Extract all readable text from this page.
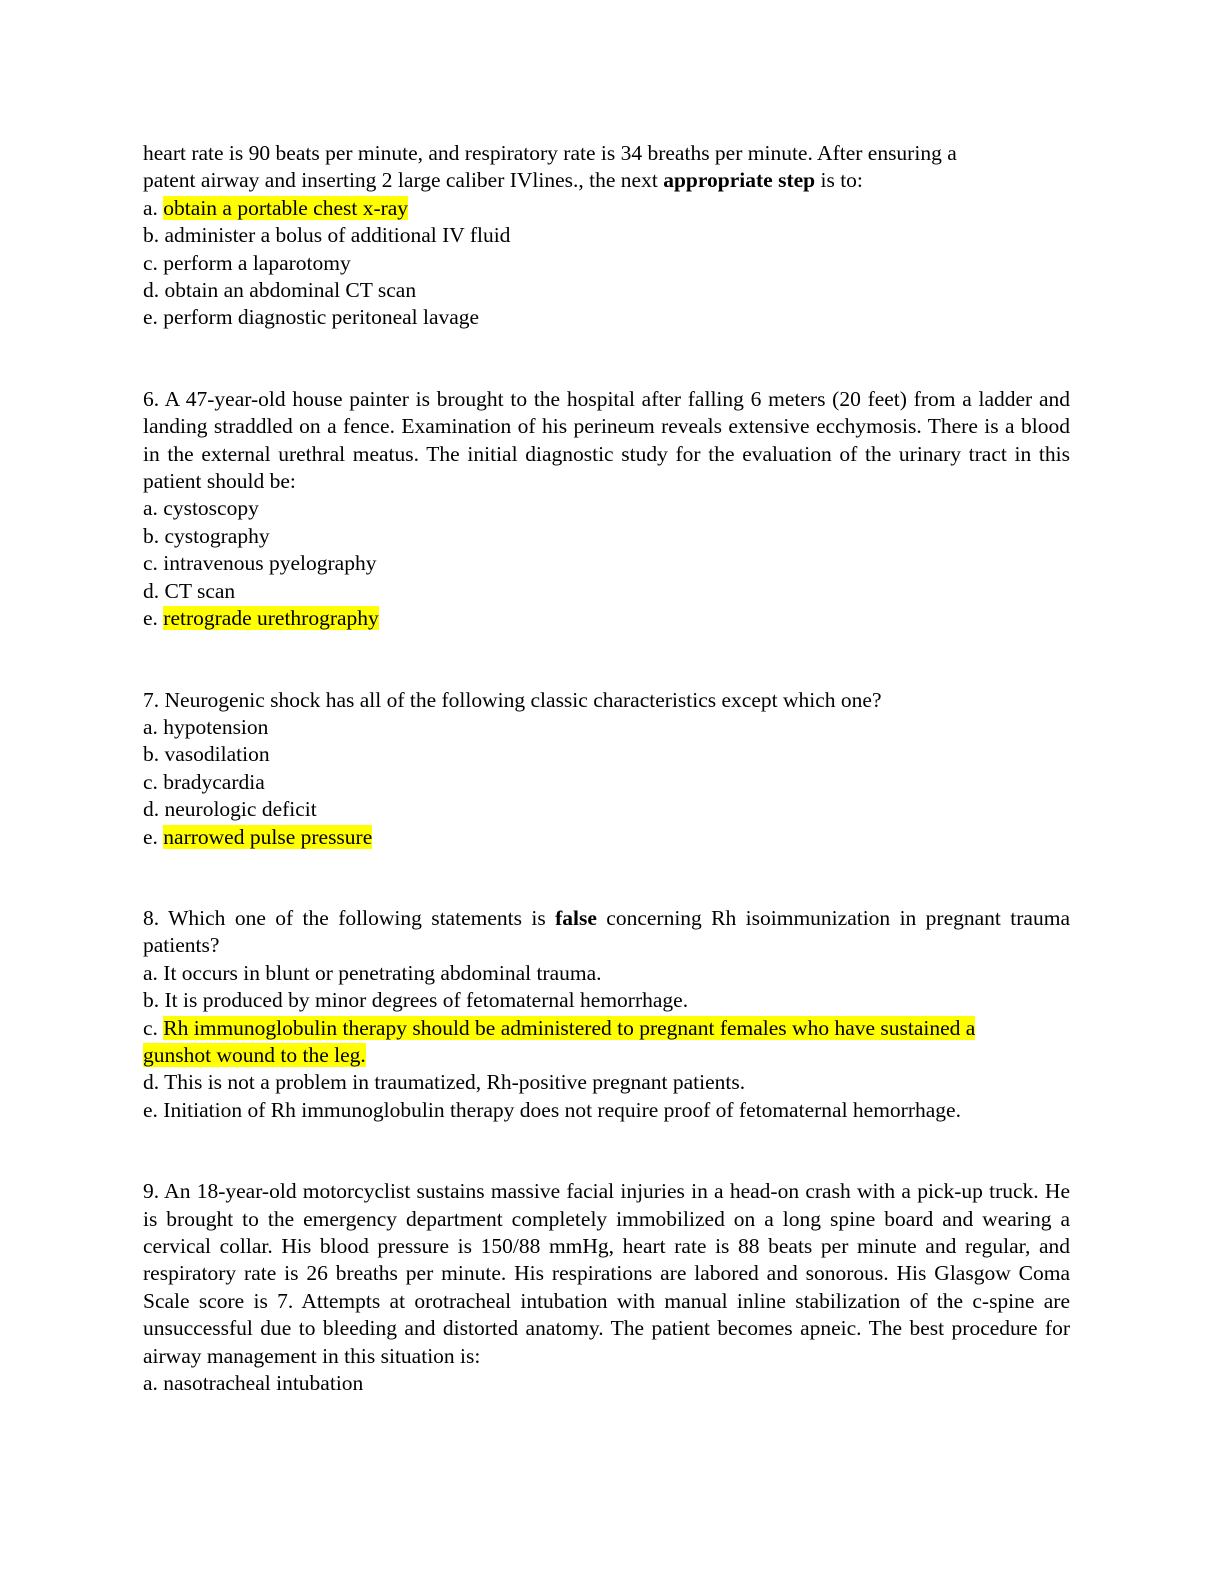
heart rate is 90 beats per minute, and respiratory rate is 34 breaths per minute. After ensuring a
patent airway and inserting 2 large caliber IVlines., the next appropriate step is to:
a. obtain a portable chest x-ray
b. administer a bolus of additional IV fluid
c. perform a laparotomy
d. obtain an abdominal CT scan
e. perform diagnostic peritoneal lavage
6. A 47-year-old house painter is brought to the hospital after falling 6 meters (20 feet) from a ladder and landing straddled on a fence. Examination of his perineum reveals extensive ecchymosis. There is a blood in the external urethral meatus. The initial diagnostic study for the evaluation of the urinary tract in this patient should be:
a. cystoscopy
b. cystography
c. intravenous pyelography
d. CT scan
e. retrograde urethrography
7. Neurogenic shock has all of the following classic characteristics except which one?
a. hypotension
b. vasodilation
c. bradycardia
d. neurologic deficit
e. narrowed pulse pressure
8. Which one of the following statements is false concerning Rh isoimmunization in pregnant trauma patients?
a. It occurs in blunt or penetrating abdominal trauma.
b. It is produced by minor degrees of fetomaternal hemorrhage.
c. Rh immunoglobulin therapy should be administered to pregnant females who have sustained a
gunshot wound to the leg.
d. This is not a problem in traumatized, Rh-positive pregnant patients.
e. Initiation of Rh immunoglobulin therapy does not require proof of fetomaternal hemorrhage.
9. An 18-year-old motorcyclist sustains massive facial injuries in a head-on crash with a pick-up truck. He is brought to the emergency department completely immobilized on a long spine board and wearing a cervical collar. His blood pressure is 150/88 mmHg, heart rate is 88 beats per minute and regular, and respiratory rate is 26 breaths per minute. His respirations are labored and sonorous. His Glasgow Coma Scale score is 7. Attempts at orotracheal intubation with manual inline stabilization of the c-spine are unsuccessful due to bleeding and distorted anatomy. The patient becomes apneic. The best procedure for airway management in this situation is:
a. nasotracheal intubation
